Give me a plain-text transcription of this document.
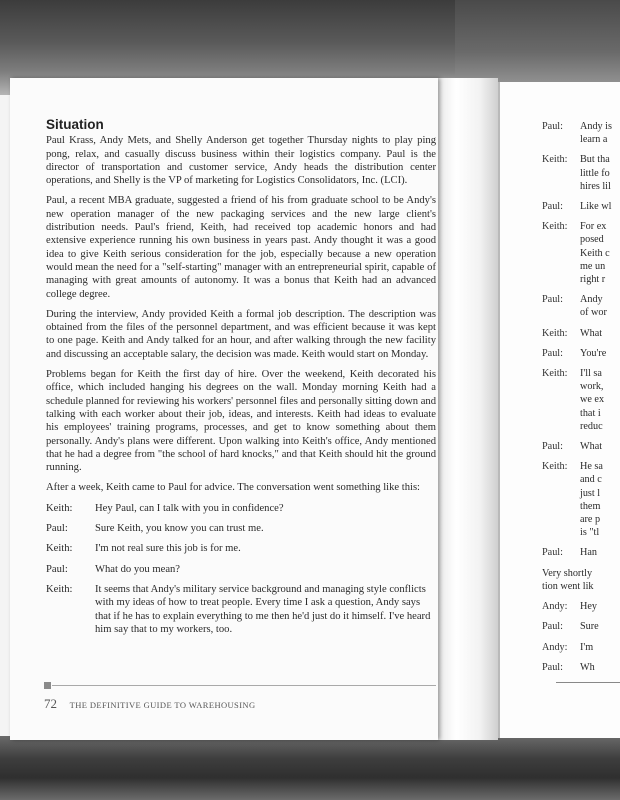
Situation

Paul Krass, Andy Mets, and Shelly Anderson get together Thursday nights to play ping pong, relax, and casually discuss business within their logistics company. Paul is the director of transportation and customer service, Andy heads the distribution center operations, and Shelly is the VP of marketing for Logistics Consolidators, Inc. (LCI).

Paul, a recent MBA graduate, suggested a friend of his from graduate school to be Andy's new operation manager of the new packaging services and the new large client's distribution needs. Paul's friend, Keith, had received top academic honors and had extensive experience running his own business in years past. Andy thought it was a good idea to give Keith serious consideration for the job, especially because a new operation would mean the need for a "self-starting" manager with an entrepreneurial spirit, capable of managing with great amounts of autonomy. It was a bonus that Keith had an advanced college degree.

During the interview, Andy provided Keith a formal job description. The description was obtained from the files of the personnel department, and was efficient because it was kept to one page. Keith and Andy talked for an hour, and after walking through the new facility and discussing an acceptable salary, the decision was made. Keith would start on Monday.

Problems began for Keith the first day of hire. Over the weekend, Keith decorated his office, which included hanging his degrees on the wall. Monday morning Keith had a schedule planned for reviewing his workers' personnel files and personally sitting down and talking with each worker about their job, ideas, and interests. Keith had ideas to evaluate his employees' training programs, processes, and get to know something about them personally. Andy's plans were different. Upon walking into Keith's office, Andy mentioned that he had a degree from "the school of hard knocks," and that Keith should hit the ground running.

After a week, Keith came to Paul for advice. The conversation went something like this:

Keith:	Hey Paul, can I talk with you in confidence?
Paul:	Sure Keith, you know you can trust me.
Keith:	I'm not real sure this job is for me.
Paul:	What do you mean?
Keith:	It seems that Andy's military service background and managing style conflicts with my ideas of how to treat people. Every time I ask a question, Andy says that if he has to explain everything to me then he'd just do it himself. I've heard him say that to my workers, too.
72 THE DEFINITIVE GUIDE TO WAREHOUSING
Paul:	Andy is
learn a
Keith:	But tha
little fo
hires lil
Paul:	Like wl
Keith:	For ex
posed
Keith c
me un
right r
Paul:	Andy
of wor
Keith:	What
Paul:	You're
Keith:	I'll sa
work,
we ex
that i
reduc
Paul:	What
Keith:	He sa
and c
just l
them
are p
is "tl
Paul:	Han
Very shortly
tion went lik
Andy:	Hey
Paul:	Sure
Andy:	I'm
Paul:	Wh
